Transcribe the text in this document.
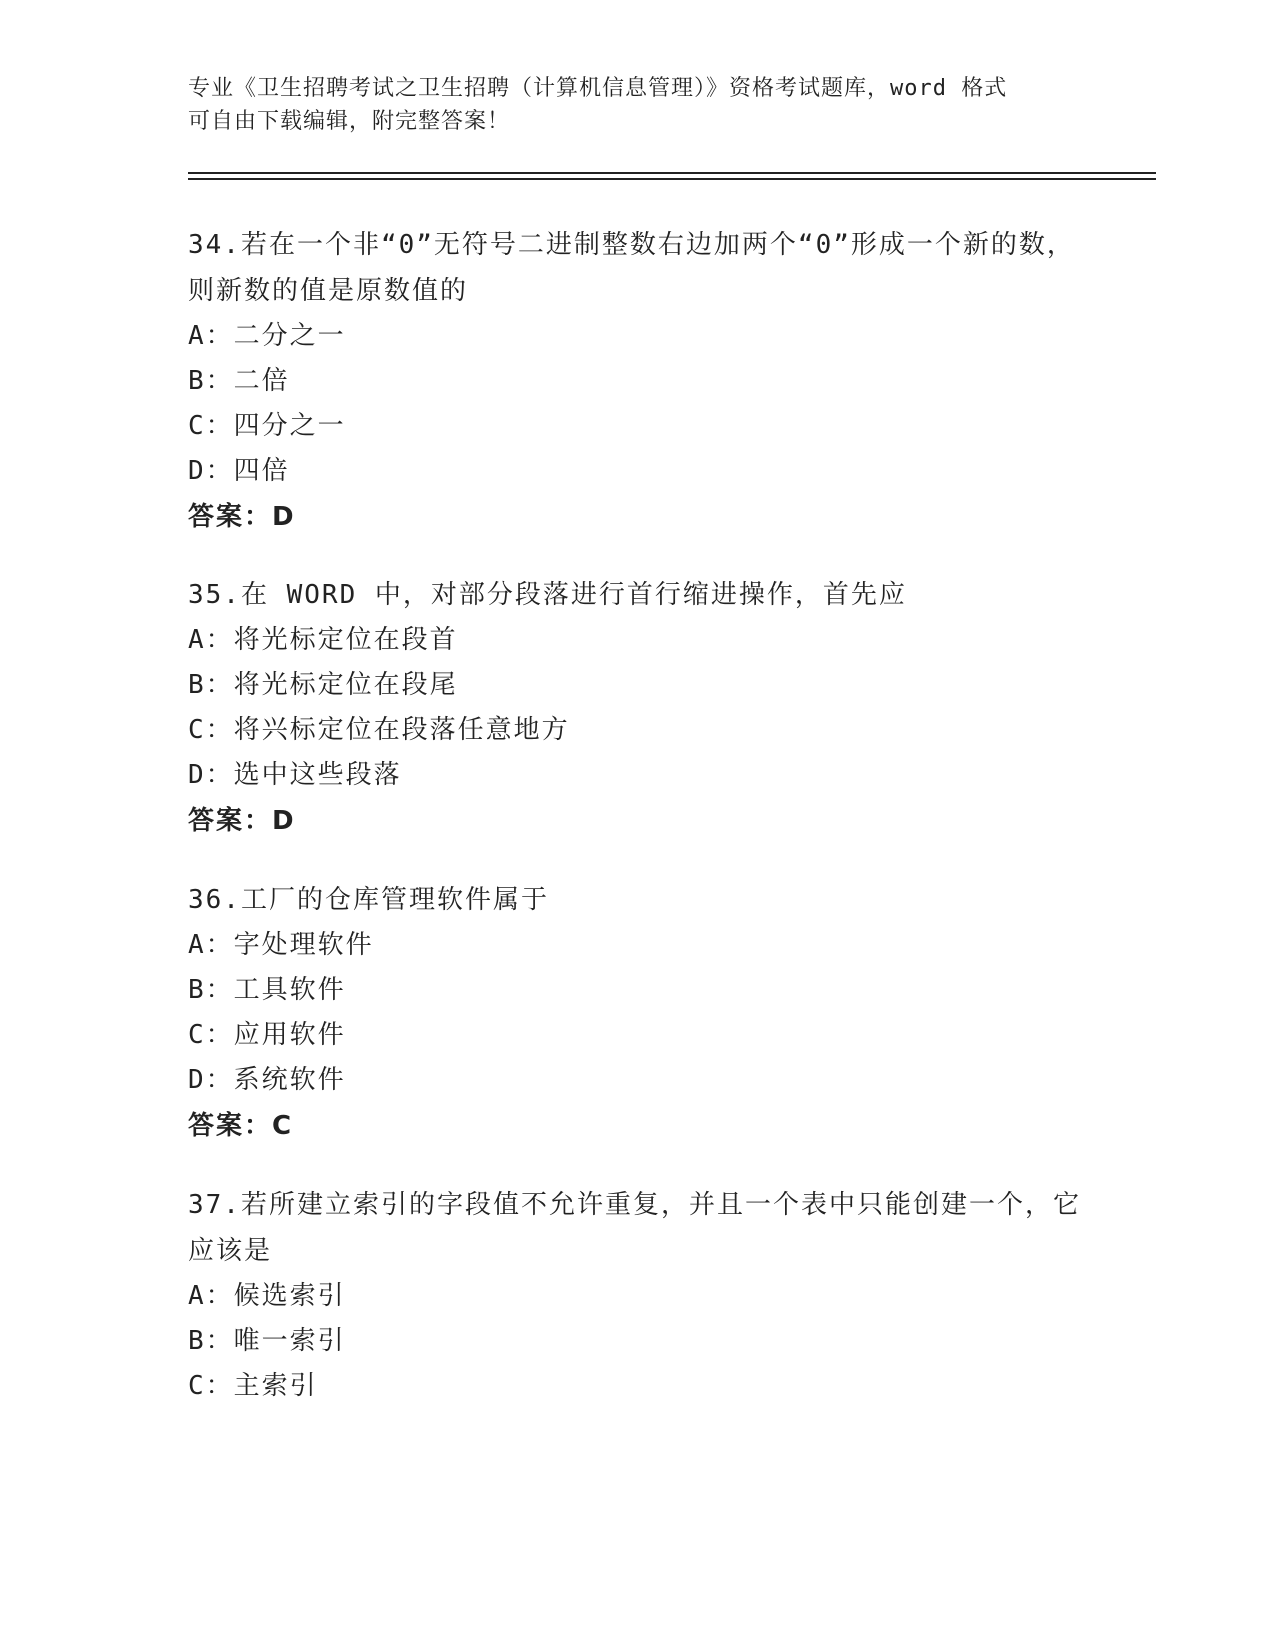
专业《卫生招聘考试之卫生招聘（计算机信息管理）》资格考试题库，word 格式
可自由下载编辑，附完整答案！
34.若在一个非“0”无符号二进制整数右边加两个“0”形成一个新的数，则新数的值是原数值的
A：二分之一
B：二倍
C：四分之一
D：四倍
答案：D
35.在 WORD 中，对部分段落进行首行缩进操作，首先应
A：将光标定位在段首
B：将光标定位在段尾
C：将兴标定位在段落任意地方
D：选中这些段落
答案：D
36.工厂的仓库管理软件属于
A：字处理软件
B：工具软件
C：应用软件
D：系统软件
答案：C
37.若所建立索引的字段值不允许重复，并且一个表中只能创建一个，它应该是
A：候选索引
B：唯一索引
C：主索引
